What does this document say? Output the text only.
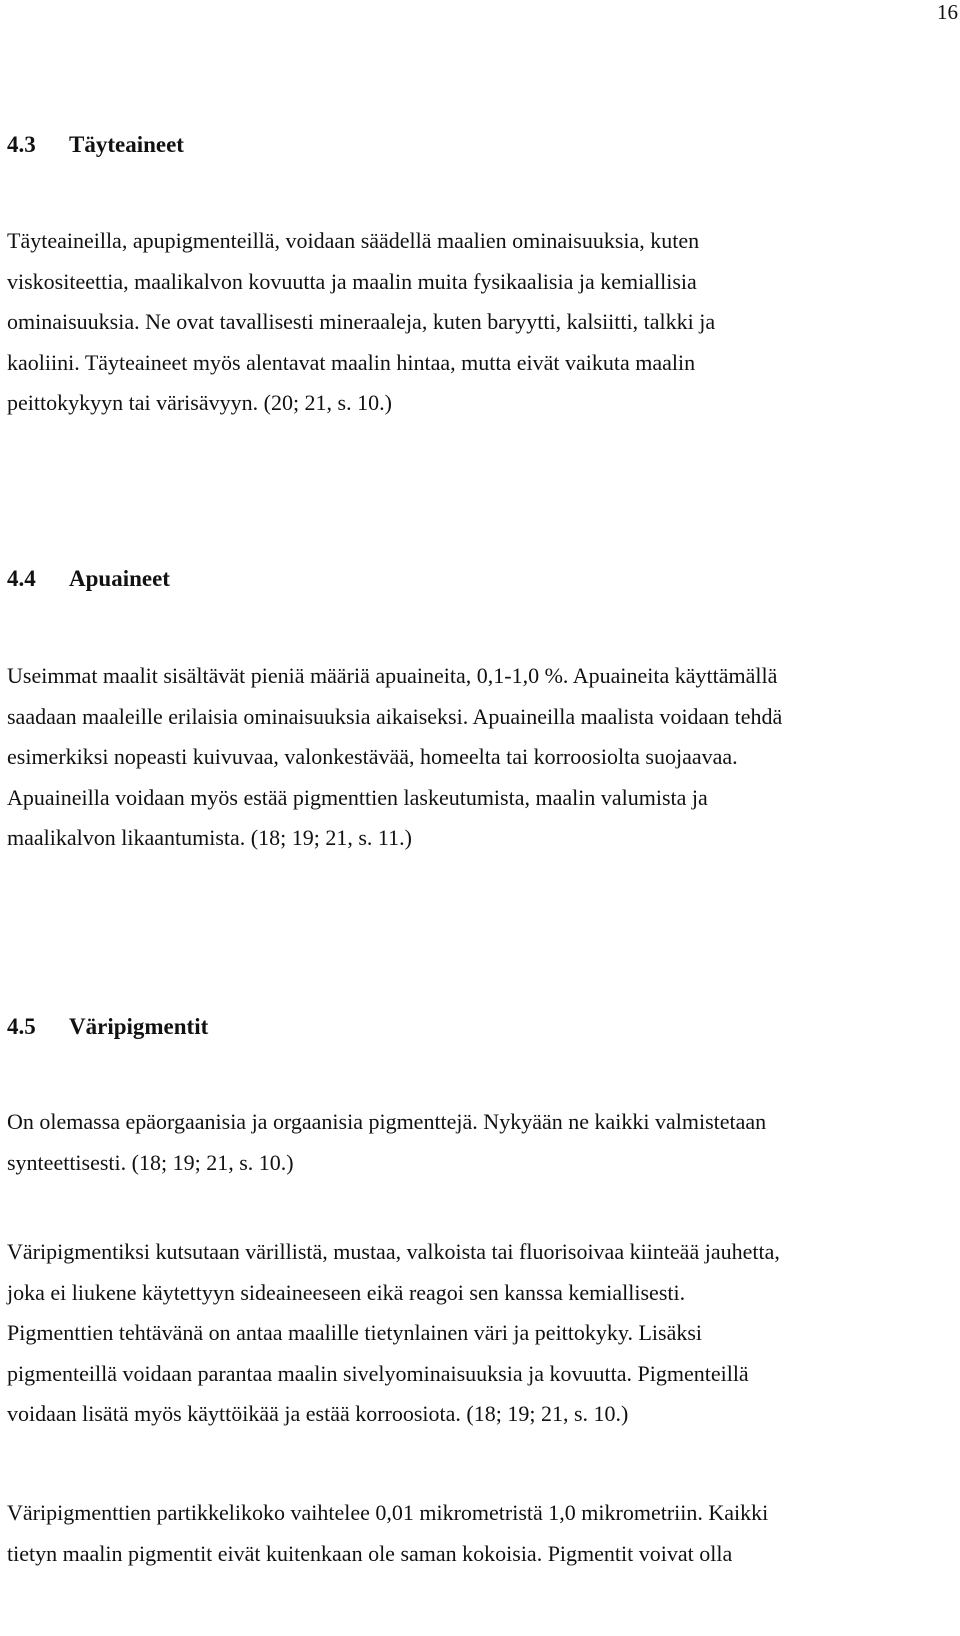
16
4.3 Täyteaineet
Täyteaineilla, apupigmenteillä, voidaan säädellä maalien ominaisuuksia, kuten
viskositeettia, maalikalvon kovuutta ja maalin muita fysikaalisia ja kemiallisia
ominaisuuksia. Ne ovat tavallisesti mineraaleja, kuten baryytti, kalsiitti, talkki ja
kaoliini. Täyteaineet myös alentavat maalin hintaa, mutta eivät vaikuta maalin
peittokykyyn tai värisävyyn. (20; 21, s. 10.)
4.4 Apuaineet
Useimmat maalit sisältävät pieniä määriä apuaineita, 0,1-1,0 %. Apuaineita käyttämällä
saadaan maaleille erilaisia ominaisuuksia aikaiseksi. Apuaineilla maalista voidaan tehdä
esimerkiksi nopeasti kuivuvaa, valonkestävää, homeelta tai korroosiolta suojaavaa.
Apuaineilla voidaan myös estää pigmenttien laskeutumista, maalin valumista ja
maalikalvon likaantumista. (18; 19; 21, s. 11.)
4.5 Väripigmentit
On olemassa epäorgaanisia ja orgaanisia pigmenttejä. Nykyään ne kaikki valmistetaan
synteettisesti. (18; 19; 21, s. 10.)
Väripigmentiksi kutsutaan värillistä, mustaa, valkoista tai fluorisoivaa kiinteää jauhetta,
joka ei liukene käytettyyn sideaineeseen eikä reagoi sen kanssa kemiallisesti.
Pigmenttien tehtävänä on antaa maalille tietynlainen väri ja peittokyky. Lisäksi
pigmenteillä voidaan parantaa maalin sivelyominaisuuksia ja kovuutta. Pigmenteillä
voidaan lisätä myös käyttöikää ja estää korroosiota. (18; 19; 21, s. 10.)
Väripigmenttien partikkelikoko vaihtelee 0,01 mikrometristä 1,0 mikrometriin. Kaikki
tietyn maalin pigmentit eivät kuitenkaan ole saman kokoisia. Pigmentit voivat olla
